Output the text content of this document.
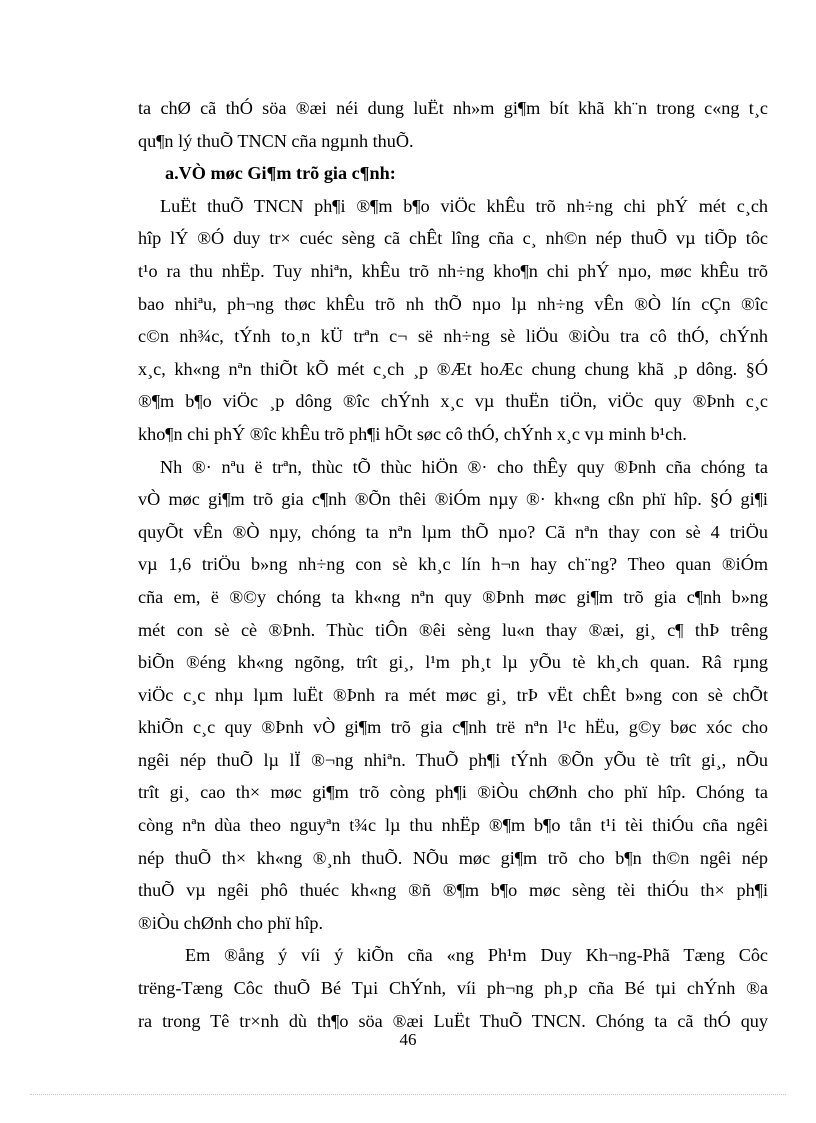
ta chØ cã thÓ söa ®æi néi dung luËt nh»m gi¶m bít khã kh¨n trong c«ng t¸c
qu¶n lý thuÕ TNCN cña ngµnh thuÕ.
a.VÒ møc Gi¶m trõ gia c¶nh:
LuËt thuÕ TNCN ph¶i ®¶m b¶o viÖc khÊu trõ nh÷ng chi phÝ mét c¸ch
hîp lÝ ®Ó duy tr× cuéc sèng cã chÊt lîng cña c¸ nh©n nép thuÕ vµ tiÕp tôc
t¹o ra thu nhËp. Tuy nhiªn, khÊu trõ nh÷ng kho¶n chi phÝ nµo, møc khÊu trõ
bao nhiªu, ph¬ng thøc khÊu trõ nh thÕ nµo lµ nh÷ng vÊn ®Ò lín cÇn ®îc
c©n nh¾c, tÝnh to¸n kÜ trªn c¬ së nh÷ng sè liÖu ®iÒu tra cô thÓ, chÝnh
x¸c, kh«ng nªn thiÕt kÕ mét c¸ch ¸p ®Æt hoÆc chung chung khã ¸p dông. §Ó
®¶m b¶o viÖc ¸p dông ®îc chÝnh x¸c vµ thuËn tiÖn, viÖc quy ®Þnh c¸c
kho¶n chi phÝ ®îc khÊu trõ ph¶i hÕt søc cô thÓ, chÝnh x¸c vµ minh b¹ch.
Nh ®· nªu ë trªn, thùc tÕ thùc hiÖn ®· cho thÊy quy ®Þnh cña chóng ta
vÒ møc gi¶m trõ gia c¶nh ®Õn thêi ®iÓm nµy ®· kh«ng cßn phï hîp. §Ó gi¶i
quyÕt vÊn ®Ò nµy, chóng ta nªn lµm thÕ nµo? Cã nªn thay con sè 4 triÖu
vµ 1,6 triÖu b»ng nh÷ng con sè kh¸c lín h¬n hay ch¨ng? Theo quan ®iÓm
cña em, ë ®©y chóng ta kh«ng nªn quy ®Þnh møc gi¶m trõ gia c¶nh b»ng
mét con sè cè ®Þnh. Thùc tiÔn ®êi sèng lu«n thay ®æi, gi¸ c¶ thÞ trêng
biÕn ®éng kh«ng ngõng, trît gi¸, l¹m ph¸t lµ yÕu tè kh¸ch quan. Râ rµng
viÖc c¸c nhµ lµm luËt ®Þnh ra mét møc gi¸ trÞ vËt chÊt b»ng con sè chÕt
khiÕn c¸c quy ®Þnh vÒ gi¶m trõ gia c¶nh trë nªn l¹c hËu, g©y bøc xóc cho
ngêi nép thuÕ lµ lÏ ®¬ng nhiªn. ThuÕ ph¶i tÝnh ®Õn yÕu tè trît gi¸, nÕu
trît gi¸ cao th× møc gi¶m trõ còng ph¶i ®iÒu chØnh cho phï hîp. Chóng ta
còng nªn dùa theo nguyªn t¾c lµ thu nhËp ®¶m b¶o tån t¹i tèi thiÓu cña ngêi
nép thuÕ th× kh«ng ®¸nh thuÕ. NÕu møc gi¶m trõ cho b¶n th©n ngêi nép
thuÕ vµ ngêi phô thuéc kh«ng ®ñ ®¶m b¶o møc sèng tèi thiÓu th× ph¶i
®iÒu chØnh cho phï hîp.
Em ®ång ý víi ý kiÕn cña «ng Ph¹m Duy Kh¬ng-Phã Tæng Côc
trëng-Tæng Côc thuÕ Bé Tµi ChÝnh, víi ph¬ng ph¸p cña Bé tµi chÝnh ®a
ra trong Tê tr×nh dù th¶o söa ®æi LuËt ThuÕ TNCN. Chóng ta cã thÓ quy
46
